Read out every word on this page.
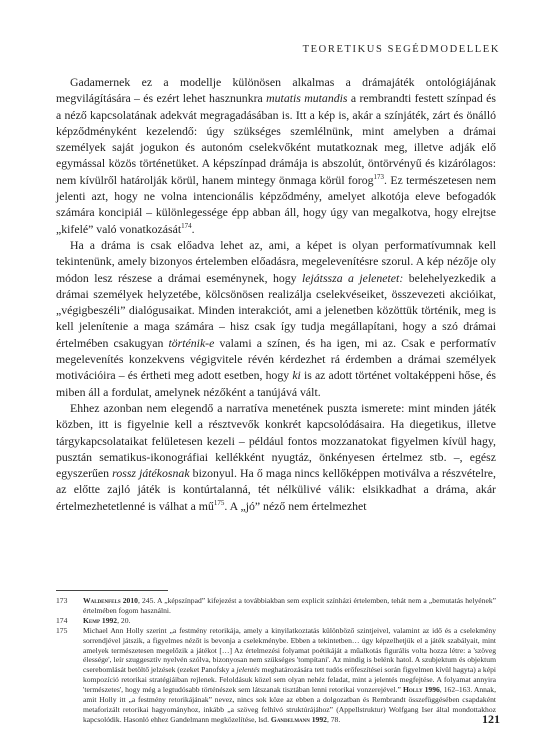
TEORETIKUS SEGÉDMODELLEK

Gadamernek ez a modellje különösen alkalmas a drámajáték ontológiájának megvilágítására – és ezért lehet hasznunkra mutatis mutandis a rembrandti festett színpad és a néző kapcsolatának adekvát megragadásában is. Itt a kép is, akár a színjáték, zárt és önálló képződményként kezelendő: úgy szükséges szemlélnünk, mint amelyben a drámai személyek saját jogukon és autonóm cselekvőként mutatkoznak meg, illetve adják elő egymással közös történetüket. A képszínpad drámája is abszolút, öntörvényű és kizárólagos: nem kívülről határolják körül, hanem mintegy önmaga körül forog$^{173}$. Ez természetesen nem jelenti azt, hogy ne volna intencionális képződmény, amelyet alkotója eleve befogadók számára koncipiál – különlegessége épp abban áll, hogy úgy van megalkotva, hogy elrejtse „kifelé” való vonatkozását$^{174}$.

Ha a dráma is csak előadva lehet az, ami, a képet is olyan performatívumnak kell tekintenünk, amely bizonyos értelemben előadásra, megelevenítésre szorul. A kép nézője oly módon lesz részese a drámai eseménynek, hogy lejátssza a jelenetet: belehelyezkedik a drámai személyek helyzetébe, kölcsönösen realizálja cselekvéseiket, összevezeti akcióikat, „végigbeszéli” dialógusaikat. Minden interakciót, ami a jelenetben közöttük történik, meg is kell jelenítenie a maga számára – hisz csak így tudja megállapítani, hogy a szó drámai értelmében csakugyan történik-e valami a színen, és ha igen, mi az. Csak e performatív megelevenítés konzekvens végigvitele révén kérdezhet rá érdemben a drámai személyek motivációira – és értheti meg adott esetben, hogy ki is az adott történet voltaképpeni hőse, és miben áll a fordulat, amelynek nézőként a tanújává vált.

Ehhez azonban nem elegendő a narratíva menetének puszta ismerete: mint minden játék közben, itt is figyelnie kell a résztvevők konkrét kapcsolódásaira. Ha diegetikus, illetve tárgykapcsolataikat felületesen kezeli – például fontos mozzanatokat figyelmen kívül hagy, pusztán sematikus-ikonográfiai kellékként nyugtáz, önkényesen értelmez stb. –, egész egyszerűen rossz játékosnak bizonyul. Ha ő maga nincs kellőképpen motiválva a részvételre, az előtte zajló játék is kontúrtalanná, tét nélkülivé válik: elsikkadhat a dráma, akár értelmezhetetlenné is válhat a $mű^{175}$. A „jó” néző nem értelmezhet

173	Waldenfels 2010, 245. A „képszínpad” kifejezést a továbbiakban sem explicit színházi értelemben, tehát nem a „bemutatás helyének” értelmében fogom használni.
174	Kemp 1992, 20.
175	Michael Ann Holly szerint „a festmény retorikája, amely a kinyilatkoztatás különböző szintjeivel, valamint az idő és a cselekmény sorrendjével játszik, a figyelmes nézőt is bevonja a cselekménybe. Ebben a tekintetben… úgy képzelhetjük el a játék szabályait, mint amelyek természetesen megelőzik a játékot […] Az értelmezési folyamat poétikáját a műalkotás figurális volta hozza létre: a 'szöveg élessége', leír szuggesztív nyelvén szólva, bizonyosan nem szükséges 'tompítani'. Az mindig is belénk hatol. A szubjektum és objektum cserebomlását betöltő jelzések (ezeket Panofsky a jelentés meghatározására tett tudós erőfeszítései során figyelmen kívül hagyta) a képi kompozíció retorikai stratégiáiban rejlenek. Feloldásuk közel sem olyan nehéz feladat, mint a jelentés megfejtése. A folyamat annyira 'természetes', hogy még a legtudósabb történészek sem látszanak tisztában lenni retorikai vonzerejével.” Holly 1996, 162–163. Annak, amit Holly itt „a festmény retorikájának” nevez, nincs sok köze az ebben a dolgozatban és Rembrandt összefüggésében csapdaként metaforizált retorikai hagyományhoz, inkább „a szöveg felhívó struktúrájához” (Appellstruktur) Wolfgang Iser által mondottakhoz kapcsolódik. Hasonló ehhez Gandelmann megközelítése, lsd. Gandelmann 1992, 78.	121
